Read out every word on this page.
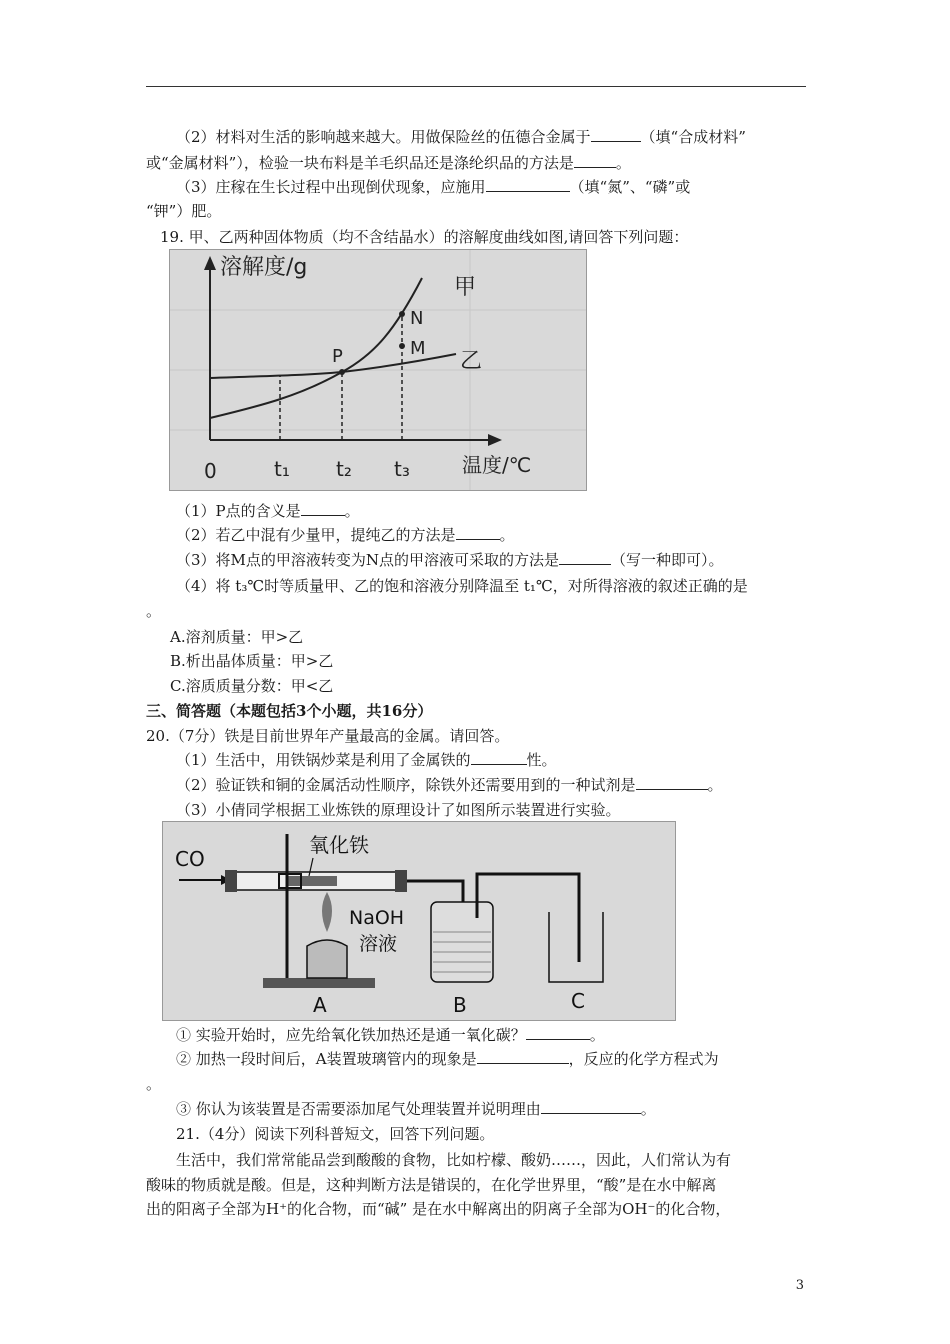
（2）材料对生活的影响越来越大。用做保险丝的伍德合金属于	（填“合成材料”
或“金属材料”），检验一块布料是羊毛织品还是涤纶织品的方法是	。
（3）庄稼在生长过程中出现倒伏现象，应施用	（填“氮”、“磷”或
“钾”）肥。
19. 甲、乙两种固体物质（均不含结晶水）的溶解度曲线如图,请回答下列问题：
溶解度/g
温度/℃
0	t₁ t₂ t₃
P
N
M
甲
乙
（1）P点的含义是	。
（2）若乙中混有少量甲，提纯乙的方法是	。
（3）将M点的甲溶液转变为N点的甲溶液可采取的方法是	（写一种即可）。
（4）将 t₃℃时等质量甲、乙的饱和溶液分别降温至 t₁℃，对所得溶液的叙述正确的是
。
A.溶剂质量：甲>乙
B.析出晶体质量：甲>乙
C.溶质质量分数：甲<乙
三、简答题（本题包括3个小题，共16分）
20.（7分）铁是目前世界年产量最高的金属。请回答。
（1）生活中，用铁锅炒菜是利用了金属铁的	性。
（2）验证铁和铜的金属活动性顺序，除铁外还需要用到的一种试剂是	。
（3）小倩同学根据工业炼铁的原理设计了如图所示装置进行实验。
CO
氧化铁
A
NaOH
溶液
B	C
① 实验开始时，应先给氧化铁加热还是通一氧化碳？	。
② 加热一段时间后，A装置玻璃管内的现象是	，反应的化学方程式为
。
③ 你认为该装置是否需要添加尾气处理装置并说明理由	。
21.（4分）阅读下列科普短文，回答下列问题。
生活中，我们常常能品尝到酸酸的食物，比如柠檬、酸奶……，因此，人们常认为有
酸味的物质就是酸。但是，这种判断方法是错误的，在化学世界里，“酸”是在水中解离
出的阳离子全部为H⁺的化合物，而“碱” 是在水中解离出的阴离子全部为OH⁻的化合物，
3
